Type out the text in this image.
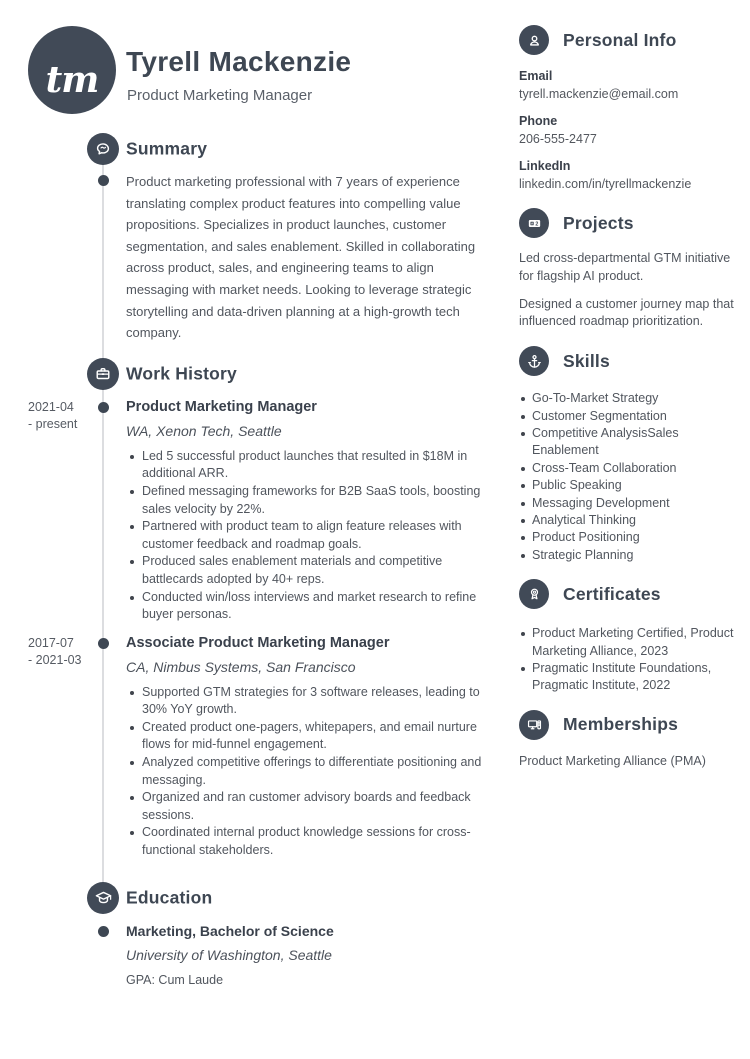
tm Tyrell Mackenzie
Product Marketing Manager
Summary

Product marketing professional with 7 years of experience translating complex product features into compelling value propositions. Specializes in product launches, customer segmentation, and sales enablement. Skilled in collaborating across product, sales, and engineering teams to align messaging with market needs. Looking to leverage strategic storytelling and data-driven planning at a high-growth tech company.

Work History
2021-04
- present
Product Marketing Manager
WA, Xenon Tech, Seattle
Led 5 successful product launches that resulted in $18M in additional ARR.
Defined messaging frameworks for B2B SaaS tools, boosting sales velocity by 22%.
Partnered with product team to align feature releases with customer feedback and roadmap goals.
Produced sales enablement materials and competitive battlecards adopted by 40+ reps.
Conducted win/loss interviews and market research to refine buyer personas.
2017-07
- 2021-03
Associate Product Marketing Manager
CA, Nimbus Systems, San Francisco
Supported GTM strategies for 3 software releases, leading to 30% YoY growth.
Created product one-pagers, whitepapers, and email nurture flows for mid-funnel engagement.
Analyzed competitive offerings to differentiate positioning and messaging.
Organized and ran customer advisory boards and feedback sessions.
Coordinated internal product knowledge sessions for cross-functional stakeholders.
Education
Marketing, Bachelor of Science
University of Washington, Seattle
GPA: Cum Laude
Personal Info
Email
tyrell.mackenzie@email.com
Phone
206-555-2477
LinkedIn
linkedin.com/in/tyrellmackenzie
A 2 Projects

Led cross-departmental GTM initiative for flagship AI product.

Designed a customer journey map that influenced roadmap prioritization.

Skills
Go-To-Market Strategy
Customer Segmentation
Competitive AnalysisSales Enablement
Cross-Team Collaboration
Public Speaking
Messaging Development
Analytical Thinking
Product Positioning
Strategic Planning
Certificates
Product Marketing Certified, Product Marketing Alliance, 2023
Pragmatic Institute Foundations, Pragmatic Institute, 2022
Memberships
Product Marketing Alliance (PMA)
